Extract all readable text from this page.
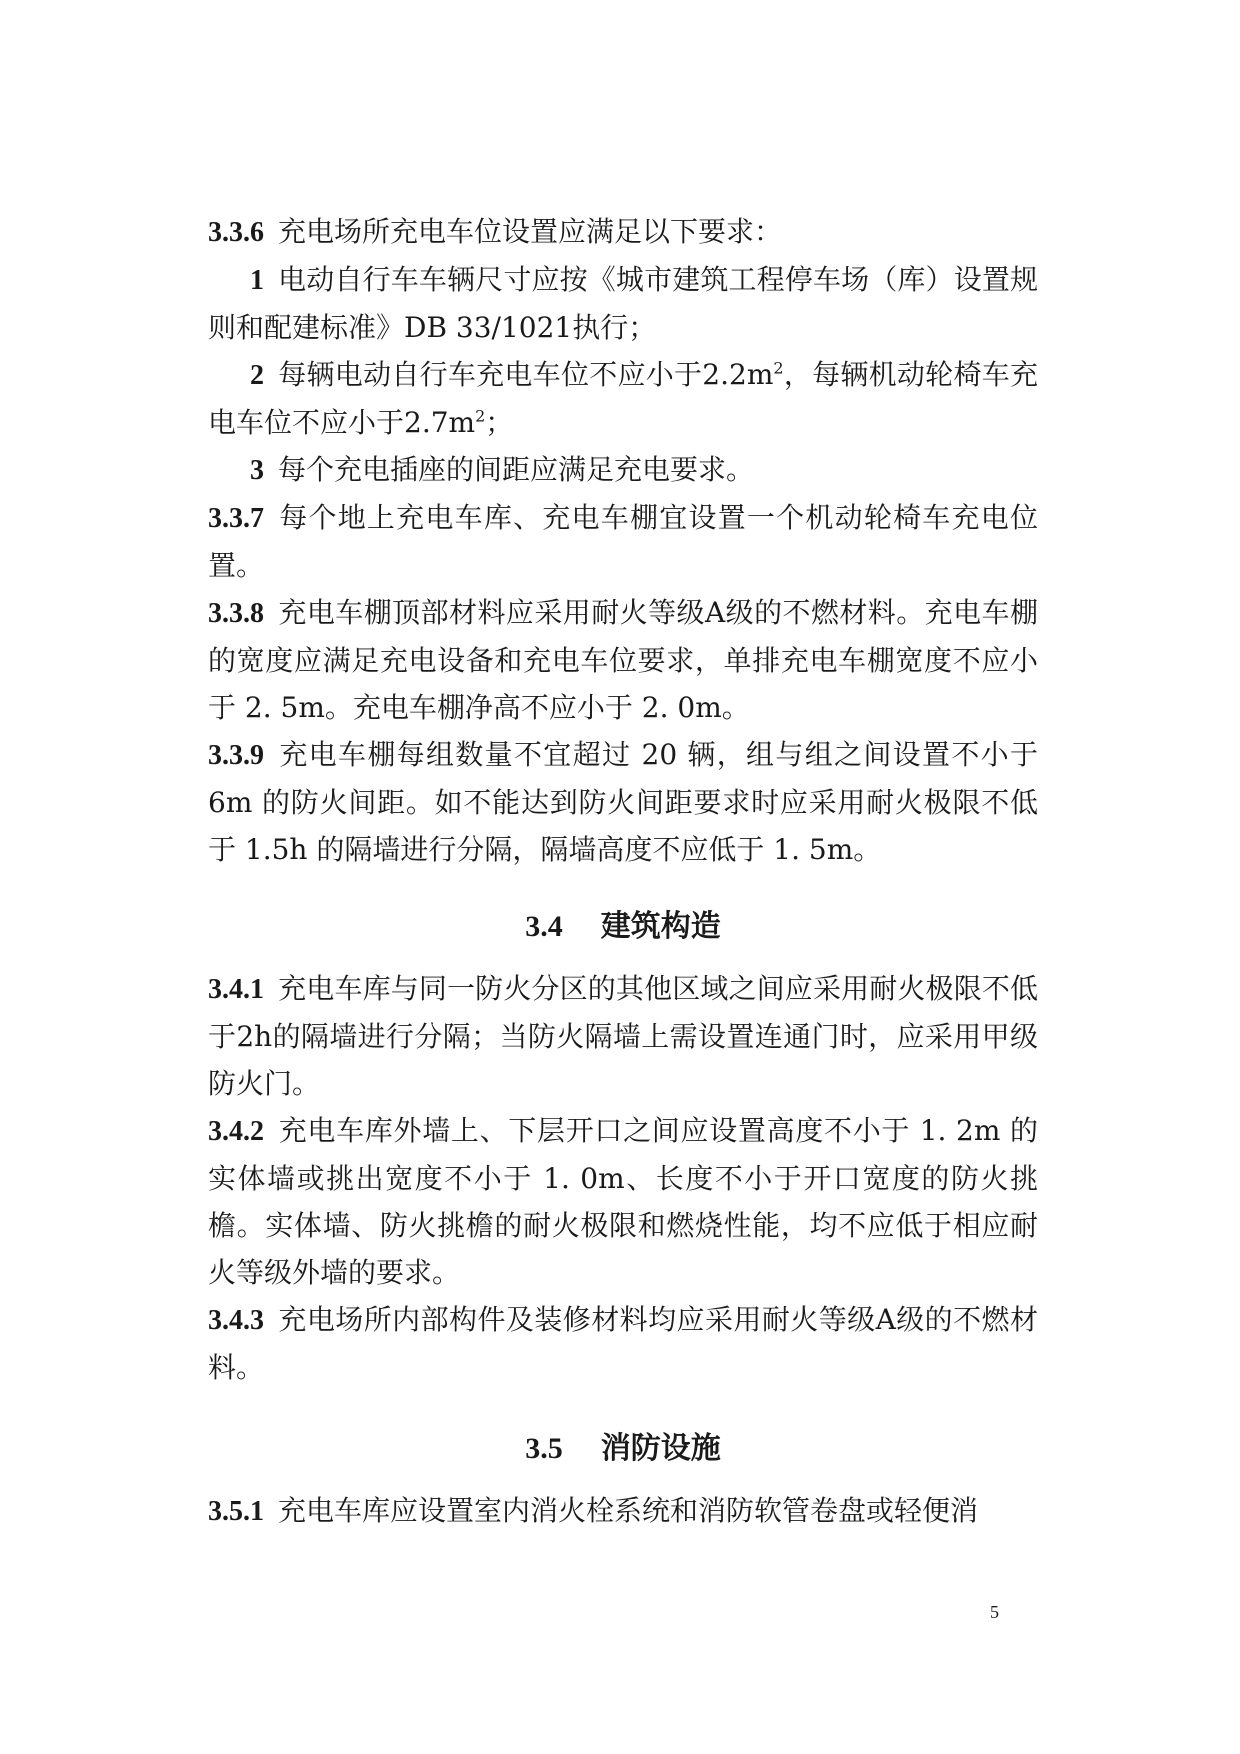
3.3.6 充电场所充电车位设置应满足以下要求：

1 电动自行车车辆尺寸应按《城市建筑工程停车场（库）设置规则和配建标准》DB 33/1021执行；

2 每辆电动自行车充电车位不应小于$2.2m^2$，每辆机动轮椅车充电车位不应小于$2.7m^2$；

3 每个充电插座的间距应满足充电要求。

3.3.7 每个地上充电车库、充电车棚宜设置一个机动轮椅车充电位置。

3.3.8 充电车棚顶部材料应采用耐火等级A级的不燃材料。充电车棚的宽度应满足充电设备和充电车位要求，单排充电车棚宽度不应小于 2. 5m。充电车棚净高不应小于 2. 0m。

3.3.9 充电车棚每组数量不宜超过 20 辆，组与组之间设置不小于 6m 的防火间距。如不能达到防火间距要求时应采用耐火极限不低于 1.5h 的隔墙进行分隔，隔墙高度不应低于 1. 5m。

3.4 建筑构造

3.4.1 充电车库与同一防火分区的其他区域之间应采用耐火极限不低于2h的隔墙进行分隔；当防火隔墙上需设置连通门时，应采用甲级防火门。

3.4.2 充电车库外墙上、下层开口之间应设置高度不小于 1. 2m 的实体墙或挑出宽度不小于 1. 0m、长度不小于开口宽度的防火挑檐。实体墙、防火挑檐的耐火极限和燃烧性能，均不应低于相应耐火等级外墙的要求。

3.4.3 充电场所内部构件及装修材料均应采用耐火等级A级的不燃材料。

3.5 消防设施

3.5.1 充电车库应设置室内消火栓系统和消防软管卷盘或轻便消

5
